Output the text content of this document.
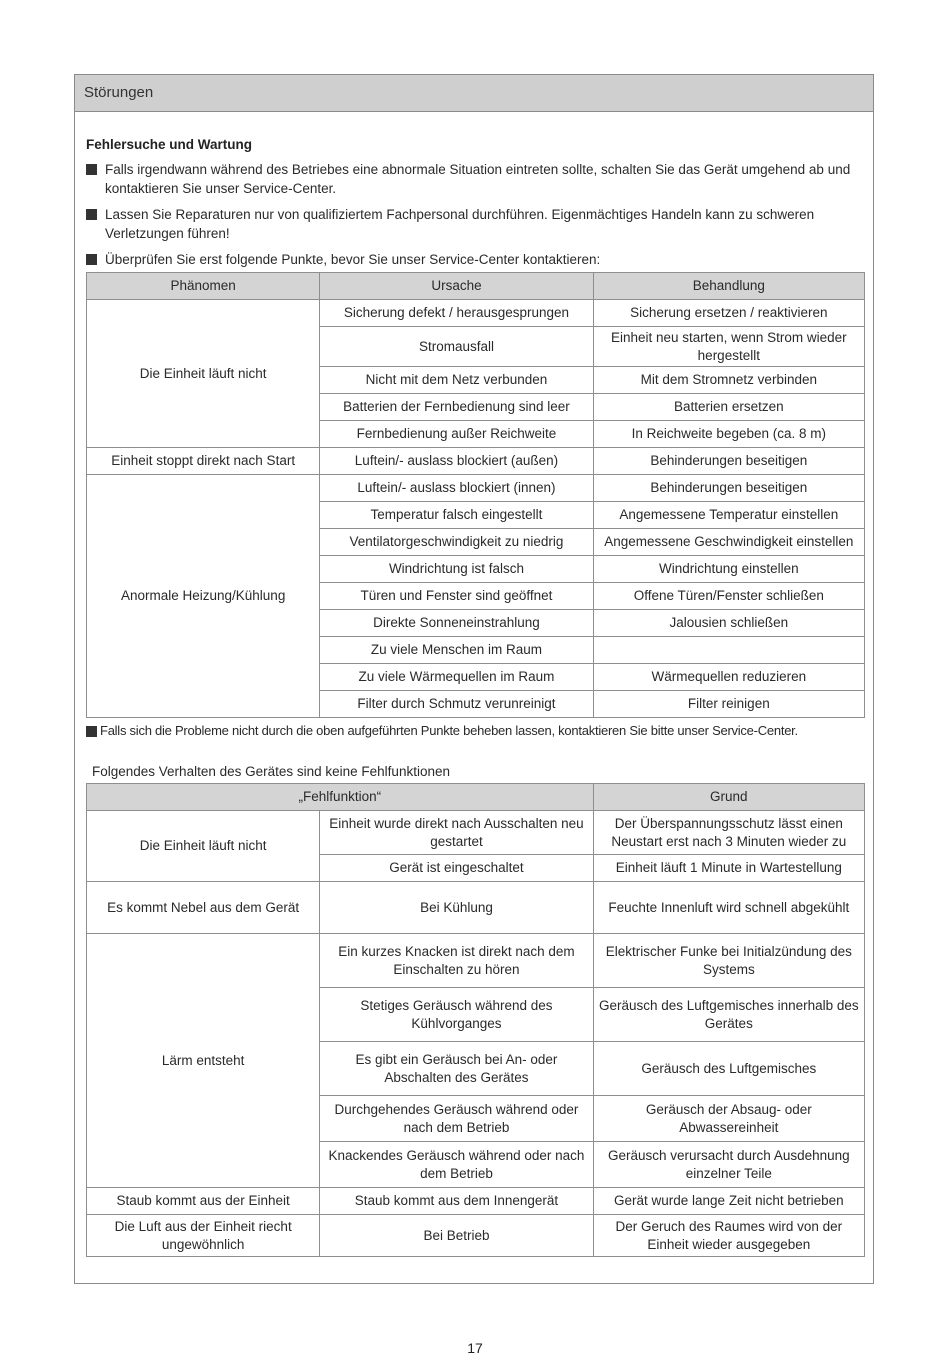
Störungen
Fehlersuche und Wartung
Falls irgendwann während des Betriebes eine abnormale Situation eintreten sollte, schalten Sie das Gerät umgehend ab und kontaktieren Sie unser Service-Center.
Lassen Sie Reparaturen nur von qualifiziertem Fachpersonal durchführen. Eigenmächtiges Handeln kann zu schweren Verletzungen führen!
Überprüfen Sie erst folgende Punkte, bevor Sie unser Service-Center kontaktieren:
Phänomen	Ursache	Behandlung
Die Einheit läuft nicht	Sicherung defekt / herausgesprungen	Sicherung ersetzen / reaktivieren
	Stromausfall	Einheit neu starten, wenn Strom wieder hergestellt
	Nicht mit dem Netz verbunden	Mit dem Stromnetz verbinden
	Batterien der Fernbedienung sind leer	Batterien ersetzen
	Fernbedienung außer Reichweite	In Reichweite begeben (ca. 8 m)
Einheit stoppt direkt nach Start	Luftein/- auslass blockiert (außen)	Behinderungen beseitigen
Anormale Heizung/Kühlung	Luftein/- auslass blockiert (innen)	Behinderungen beseitigen
	Temperatur falsch eingestellt	Angemessene Temperatur einstellen
	Ventilatorgeschwindigkeit zu niedrig	Angemessene Geschwindigkeit einstellen
	Windrichtung ist falsch	Windrichtung einstellen
	Türen und Fenster sind geöffnet	Offene Türen/Fenster schließen
	Direkte Sonneneinstrahlung	Jalousien schließen
	Zu viele Menschen im Raum	
	Zu viele Wärmequellen im Raum	Wärmequellen reduzieren
	Filter durch Schmutz verunreinigt	Filter reinigen
Falls sich die Probleme nicht durch die oben aufgeführten Punkte beheben lassen, kontaktieren Sie bitte unser Service-Center.
Folgendes Verhalten des Gerätes sind keine Fehlfunktionen
„Fehlfunktion“		Grund
Die Einheit läuft nicht	Einheit wurde direkt nach Ausschalten neu gestartet	Der Überspannungsschutz lässt einen Neustart erst nach 3 Minuten wieder zu
	Gerät ist eingeschaltet	Einheit läuft 1 Minute in Wartestellung
Es kommt Nebel aus dem Gerät	Bei Kühlung	Feuchte Innenluft wird schnell abgekühlt
Lärm entsteht	Ein kurzes Knacken ist direkt nach dem Einschalten zu hören	Elektrischer Funke bei Initialzündung des Systems
	Stetiges Geräusch während des Kühlvorganges	Geräusch des Luftgemisches innerhalb des Gerätes
	Es gibt ein Geräusch bei An- oder Abschalten des Gerätes	Geräusch des Luftgemisches
	Durchgehendes Geräusch während oder nach dem Betrieb	Geräusch der Absaug- oder Abwassereinheit
	Knackendes Geräusch während oder nach dem Betrieb	Geräusch verursacht durch Ausdehnung einzelner Teile
Staub kommt aus der Einheit	Staub kommt aus dem Innengerät	Gerät wurde lange Zeit nicht betrieben
Die Luft aus der Einheit riecht ungewöhnlich	Bei Betrieb	Der Geruch des Raumes wird von der Einheit wieder ausgegeben
17
